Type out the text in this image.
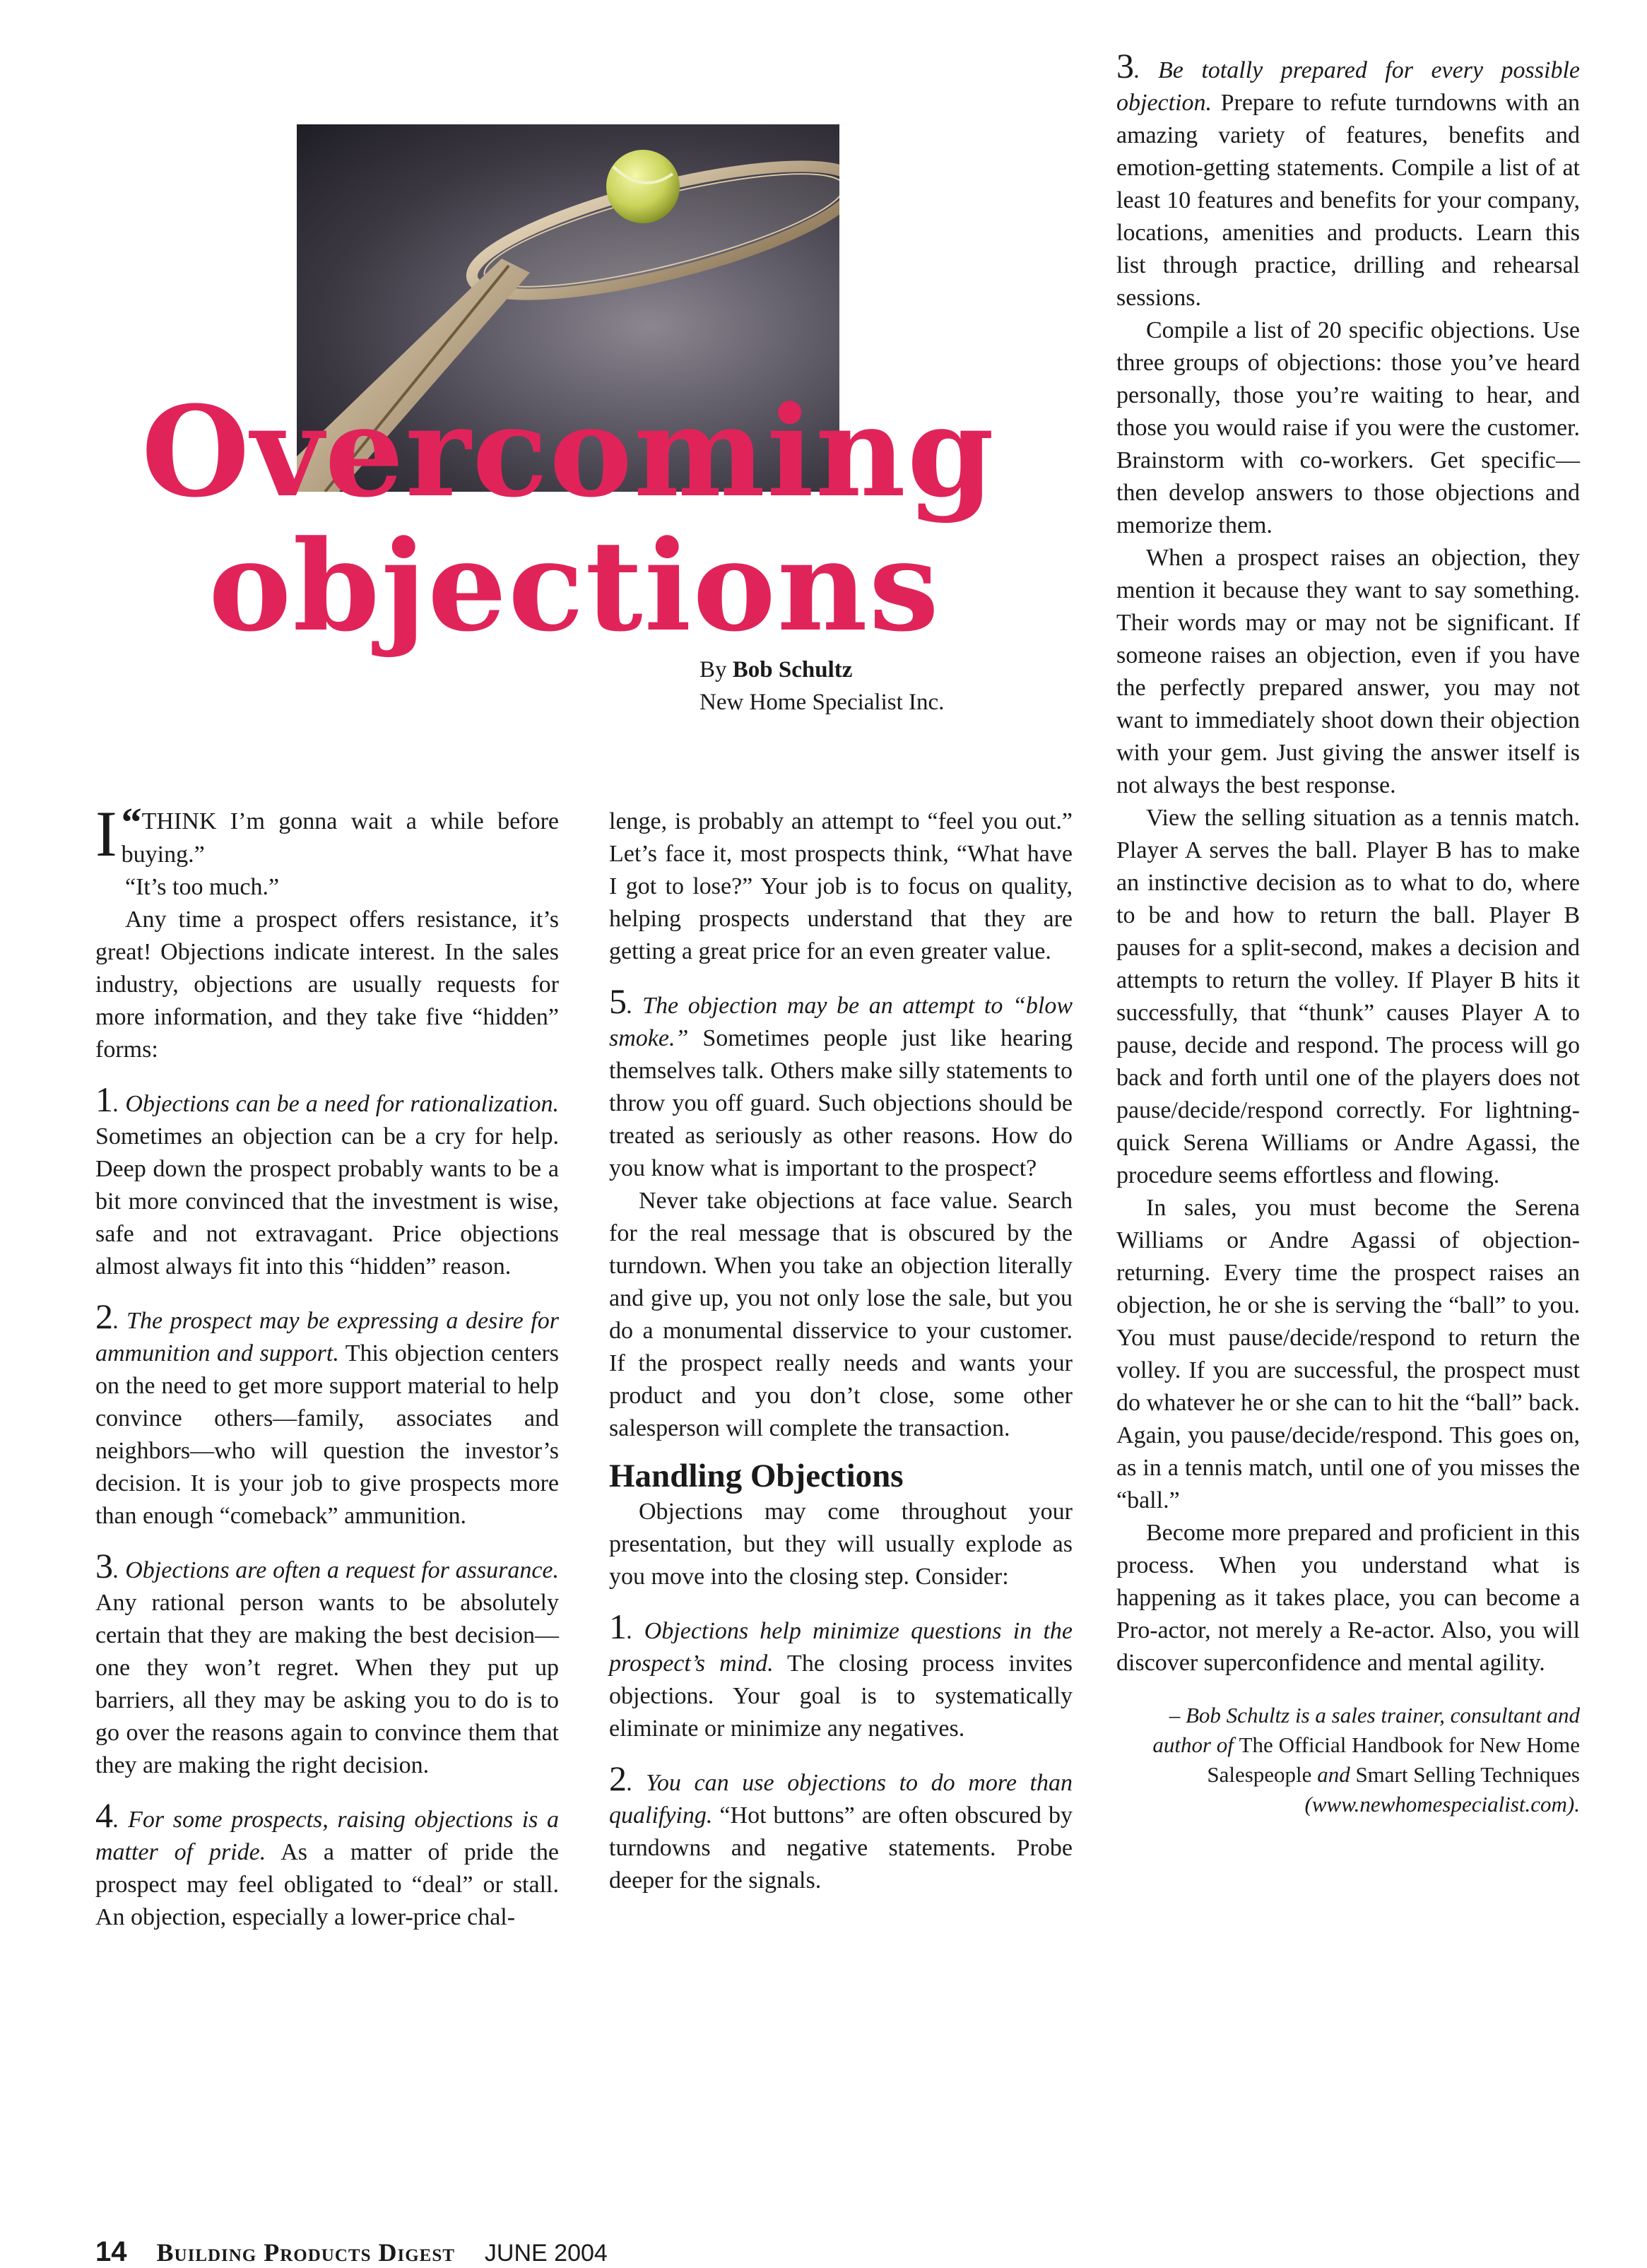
Overcoming
objections
By Bob Schultz
New Home Specialist Inc.

“
I THINK I’m gonna wait a while before buying.”

“It’s too much.”

Any time a prospect offers resistance, it’s great! Objections indicate interest. In the sales industry, objections are usually requests for more information, and they take five “hidden” forms:

1. Objections can be a need for rationalization. Sometimes an objection can be a cry for help. Deep down the prospect probably wants to be a bit more convinced that the investment is wise, safe and not extravagant. Price objections almost always fit into this “hidden” reason.

2. The prospect may be expressing a desire for ammunition and support. This objection centers on the need to get more support material to help convince others—family, associates and neighbors—who will question the investor’s decision. It is your job to give prospects more than enough “comeback” ammunition.

3. Objections are often a request for assurance. Any rational person wants to be absolutely certain that they are making the best decision—one they won’t regret. When they put up barriers, all they may be asking you to do is to go over the reasons again to convince them that they are making the right decision.

4. For some prospects, raising objections is a matter of pride. As a matter of pride the prospect may feel obligated to “deal” or stall. An objection, especially a lower-price chal-

lenge, is probably an attempt to “feel you out.” Let’s face it, most prospects think, “What have I got to lose?” Your job is to focus on quality, helping prospects understand that they are getting a great price for an even greater value.

5. The objection may be an attempt to “blow smoke.” Sometimes people just like hearing themselves talk. Others make silly statements to throw you off guard. Such objections should be treated as seriously as other reasons. How do you know what is important to the prospect?

Never take objections at face value. Search for the real message that is obscured by the turndown. When you take an objection literally and give up, you not only lose the sale, but you do a monumental disservice to your customer. If the prospect really needs and wants your product and you don’t close, some other salesperson will complete the transaction.

Handling Objections

Objections may come throughout your presentation, but they will usually explode as you move into the closing step. Consider:

1. Objections help minimize questions in the prospect’s mind. The closing process invites objections. Your goal is to systematically eliminate or minimize any negatives.

2. You can use objections to do more than qualifying. “Hot buttons” are often obscured by turndowns and negative statements. Probe deeper for the signals.

3. Be totally prepared for every possible objection. Prepare to refute turndowns with an amazing variety of features, benefits and emotion-getting statements. Compile a list of at least 10 features and benefits for your company, locations, amenities and products. Learn this list through practice, drilling and rehearsal sessions.

Compile a list of 20 specific objections. Use three groups of objections: those you’ve heard personally, those you’re waiting to hear, and those you would raise if you were the customer. Brainstorm with co-workers. Get specific—then develop answers to those objections and memorize them.

When a prospect raises an objection, they mention it because they want to say something. Their words may or may not be significant. If someone raises an objection, even if you have the perfectly prepared answer, you may not want to immediately shoot down their objection with your gem. Just giving the answer itself is not always the best response.

View the selling situation as a tennis match. Player A serves the ball. Player B has to make an instinctive decision as to what to do, where to be and how to return the ball. Player B pauses for a split-second, makes a decision and attempts to return the volley. If Player B hits it successfully, that “thunk” causes Player A to pause, decide and respond. The process will go back and forth until one of the players does not pause/decide/respond correctly. For lightning-quick Serena Williams or Andre Agassi, the procedure seems effortless and flowing.

In sales, you must become the Serena Williams or Andre Agassi of objection-returning. Every time the prospect raises an objection, he or she is serving the “ball” to you. You must pause/decide/respond to return the volley. If you are successful, the prospect must do whatever he or she can to hit the “ball” back. Again, you pause/decide/respond. This goes on, as in a tennis match, until one of you misses the “ball.”

Become more prepared and proficient in this process. When you understand what is happening as it takes place, you can become a Pro-actor, not merely a Re-actor. Also, you will discover superconfidence and mental agility.

– Bob Schultz is a sales trainer, consultant and author of The Official Handbook for New Home Salespeople and Smart Selling Techniques (www.newhomespecialist.com).

14 Building Products Digest JUNE 2004
